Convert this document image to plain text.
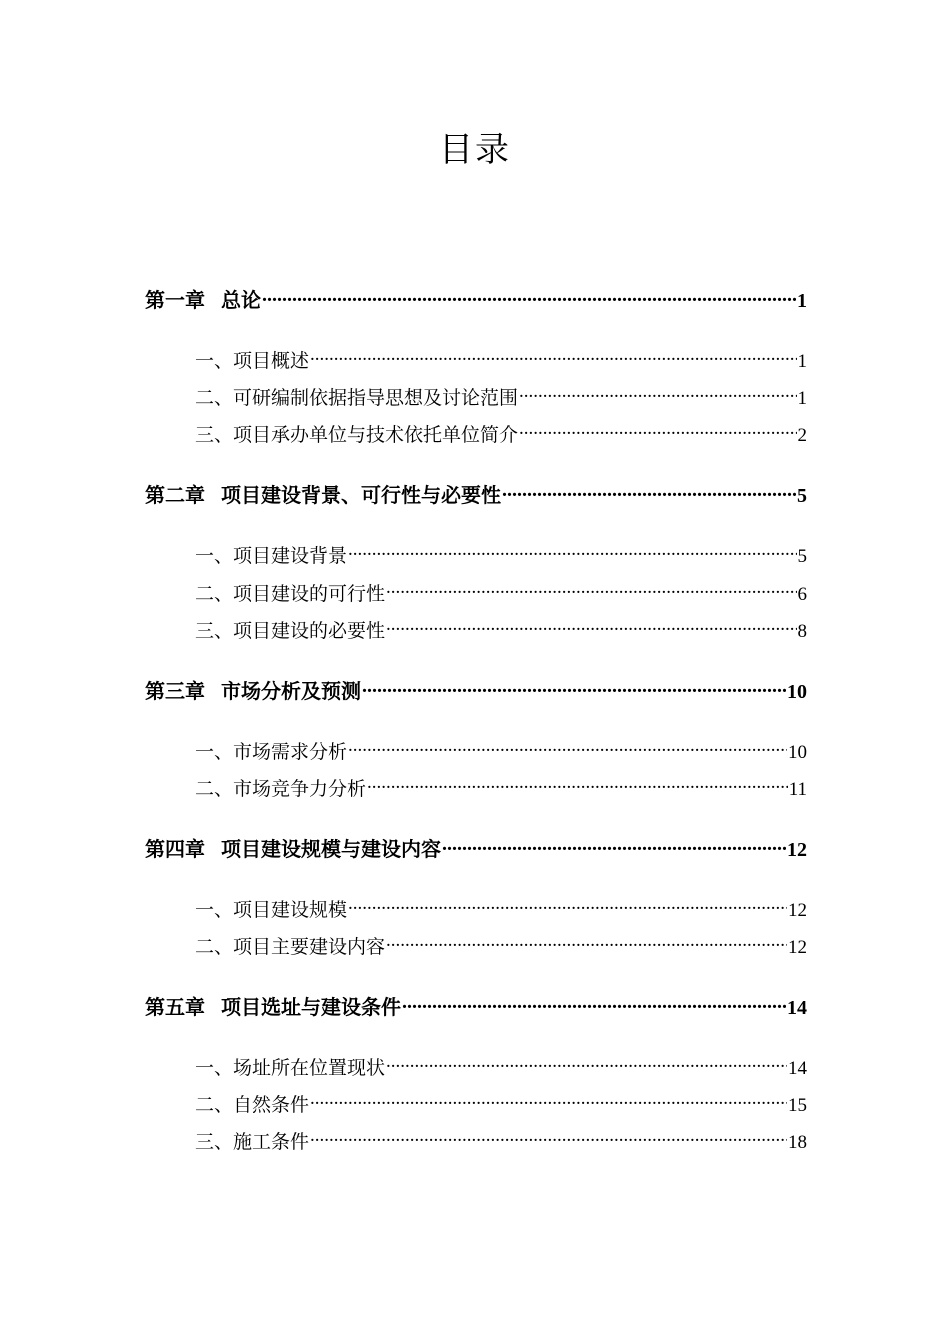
目录
第一章 总论 .....	1
一、项目概述 .....	1
二、可研编制依据指导思想及讨论范围 .....	1
三、项目承办单位与技术依托单位简介 .....	2
第二章 项目建设背景、可行性与必要性 .....	5
一、项目建设背景 .....	5
二、项目建设的可行性 .....	6
三、项目建设的必要性 .....	8
第三章 市场分析及预测 .....	10
一、市场需求分析 .....	10
二、市场竞争力分析 .....	11
第四章 项目建设规模与建设内容 .....	12
一、项目建设规模 .....	12
二、项目主要建设内容 .....	12
第五章 项目选址与建设条件 .....	14
一、场址所在位置现状 .....	14
二、自然条件 .....	15
三、施工条件 .....	18
